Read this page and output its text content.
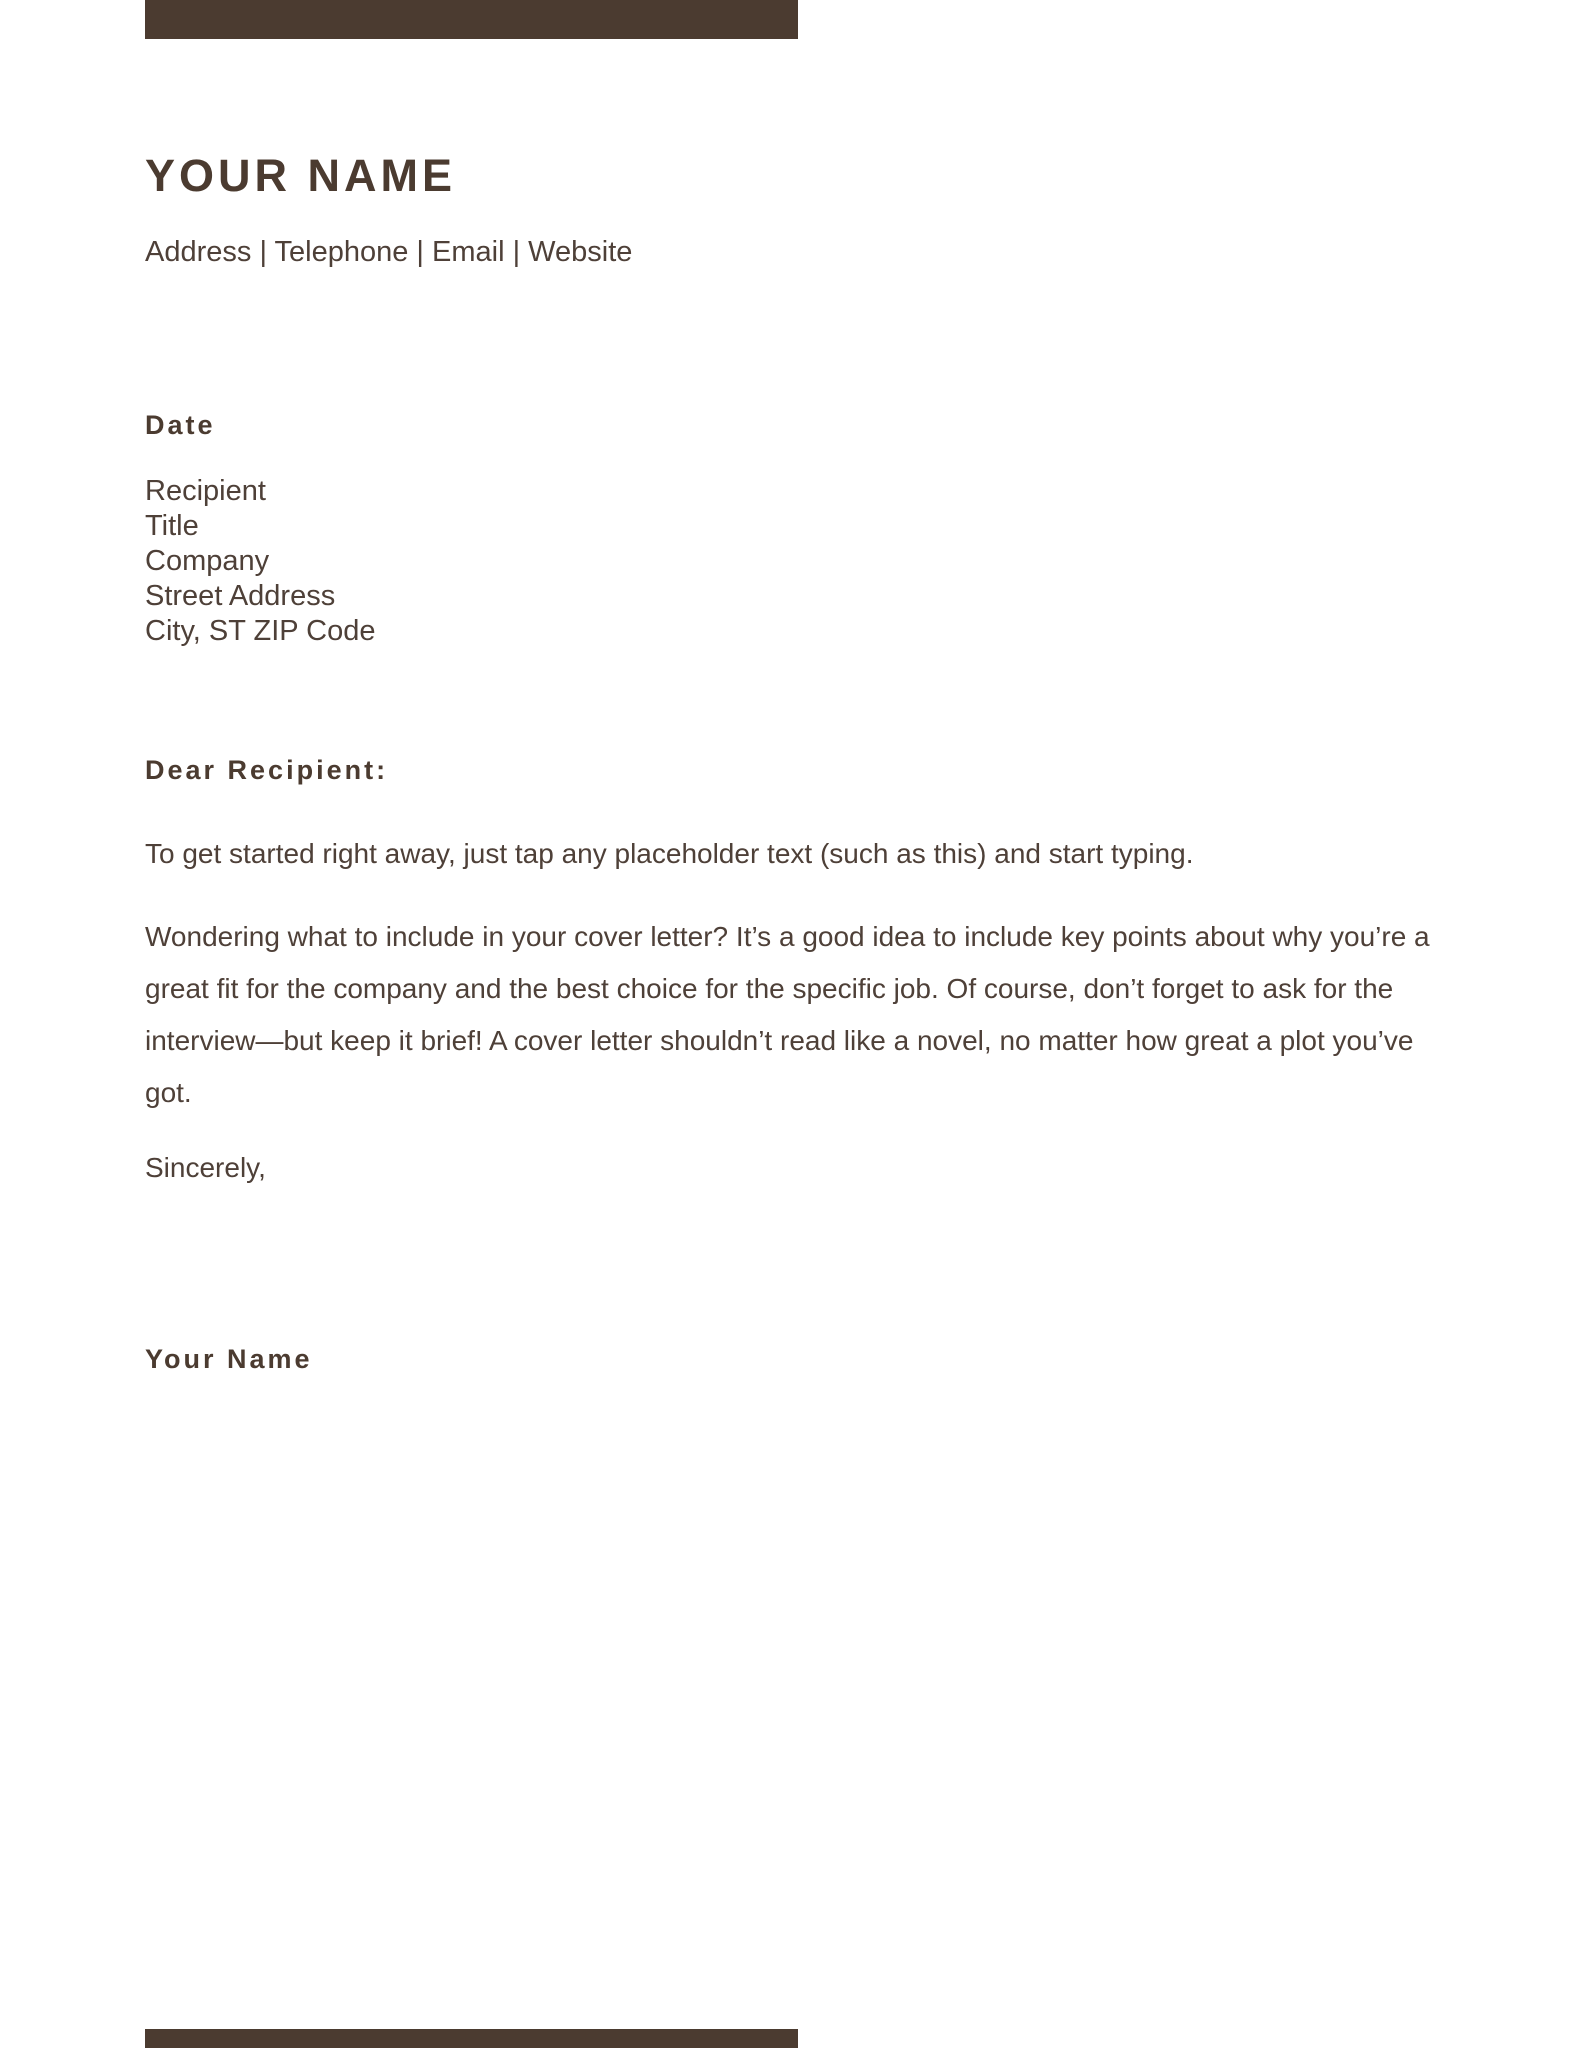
YOUR NAME
Address | Telephone | Email | Website
Date
Recipient
Title
Company
Street Address
City, ST ZIP Code
Dear Recipient:

To get started right away, just tap any placeholder text (such as this) and start typing.

Wondering what to include in your cover letter? It’s a good idea to include key points about why you’re a great fit for the company and the best choice for the specific job. Of course, don’t forget to ask for the interview—but keep it brief! A cover letter shouldn’t read like a novel, no matter how great a plot you’ve got.

Sincerely,
Your Name
